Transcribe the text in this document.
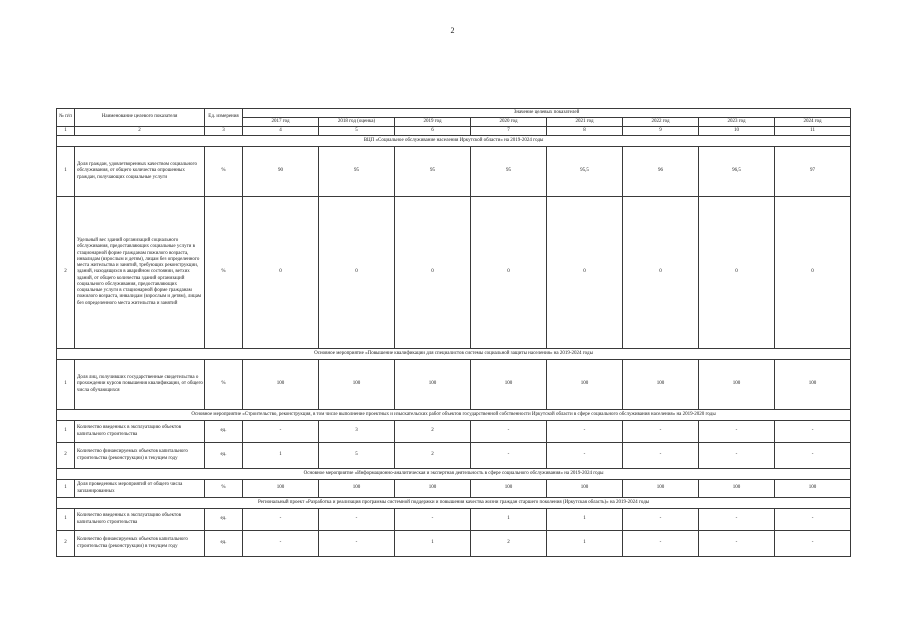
2
№ п/п	Наименование целевого показателя	Ед. измерения	Значение целевых показателей							
			2017 год	2018 год (оценка)	2019 год	2020 год	2021 год	2022 год	2023 год	2024 год
1	2	3	4	5	6	7	8	9	10	11
ВЦП «Социальное обслуживание населения Иркутской области» на 2019-2024 годы										
1	Доля граждан, удовлетворенных качеством социального обслуживания, от общего количества опрошенных граждан, получающих социальные услуги	%	90	95	95	95	95,5	96	96,5	97
2	Удельный вес зданий организаций социального обслуживания, предоставляющих социальные услуги в стационарной форме гражданам пожилого возраста, инвалидам (взрослым и детям), лицам без определенного места жительства и занятий, требующих реконструкции, зданий, находящихся в аварийном состоянии, ветхих зданий, от общего количества зданий организаций социального обслуживания, предоставляющих социальные услуги в стационарной форме гражданам пожилого возраста, инвалидам (взрослым и детям), лицам без определенного места жительства и занятий	%	0	0	0	0	0	0	0	0
Основное мероприятие «Повышение квалификации для специалистов системы социальной защиты населения» на 2019-2024 годы										
1	Доля лиц, получивших государственные свидетельства о прохождении курсов повышения квалификации, от общего числа обучающихся	%	100	100	100	100	100	100	100	100
Основное мероприятие «Строительство, реконструкция, в том числе выполнение проектных и изыскательских работ объектов государственной собственности Иркутской области в сфере социального обслуживания населения» на 2019-2020 годы										
1	Количество введенных в эксплуатацию объектов капитального строительства	ед.	-	3	2	-	-	-	-	-
2	Количество финансируемых объектов капитального строительства (реконструкции) в текущем году	ед.	1	5	2	-	-	-	-	-
Основное мероприятие «Информационно-аналитическая и экспертная деятельность в сфере социального обслуживания» на 2019-2024 годы										
1	Доля проведенных мероприятий от общего числа запланированных	%	100	100	100	100	100	100	100	100
Региональный проект «Разработка и реализация программы системной поддержки и повышения качества жизни граждан старшего поколения (Иркутская область)» на 2019-2024 годы										
1	Количество введенных в эксплуатацию объектов капитального строительства	ед.	-	-	-	1	1	-	-	-
2	Количество финансируемых объектов капитального строительства (реконструкции) в текущем году	ед.	-	-	1	2	1	-	-	-
